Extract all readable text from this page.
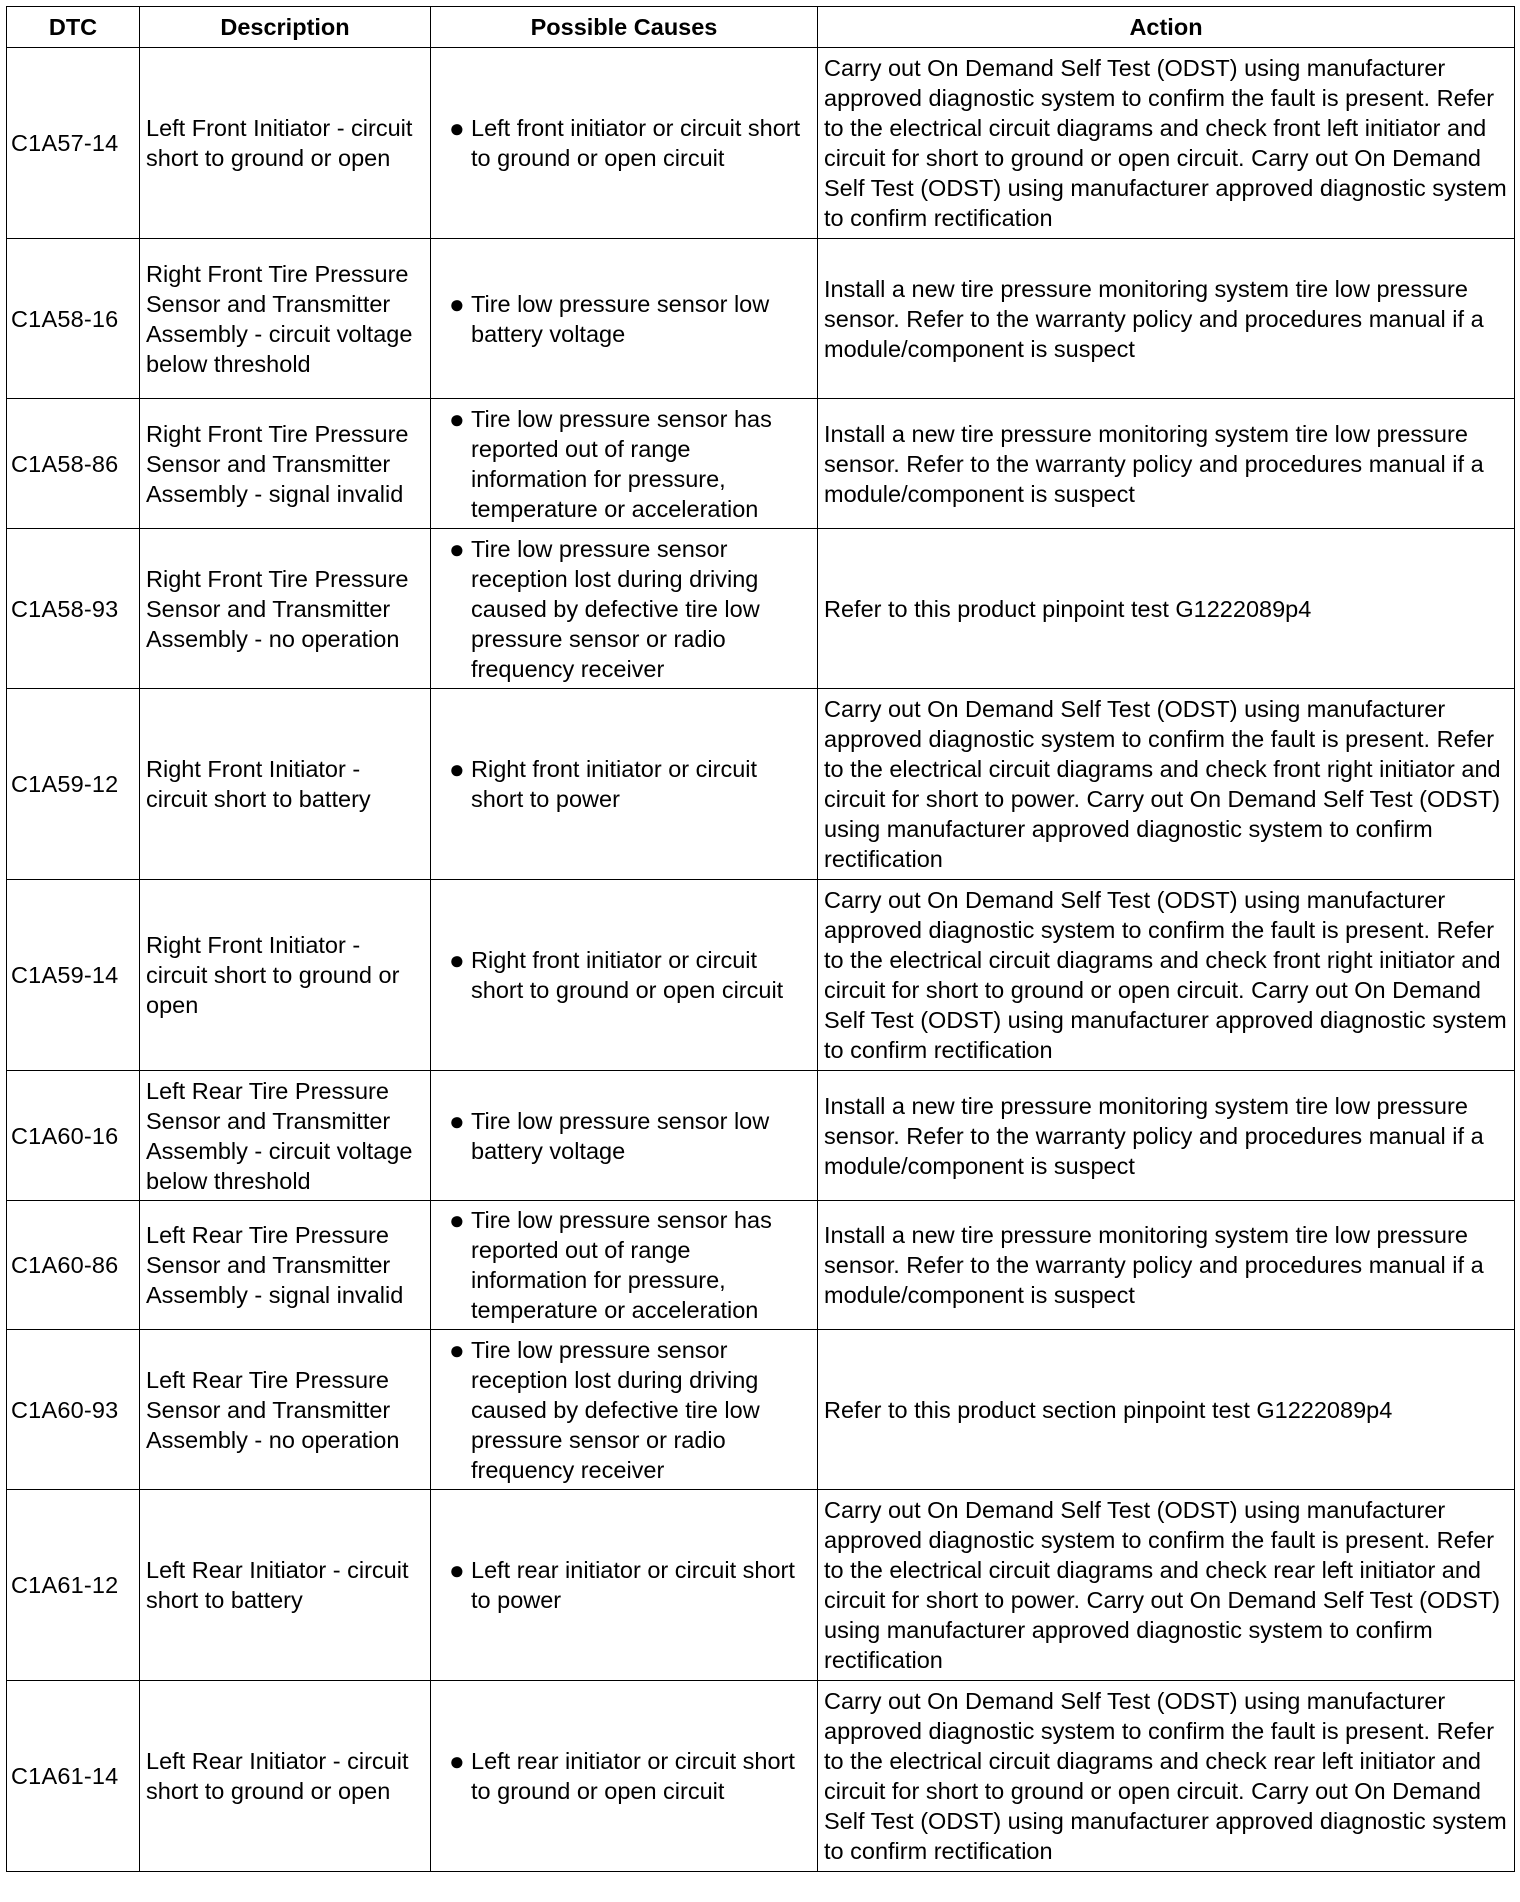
DTC	Description	Possible Causes	Action
C1A57-14	Left Front Initiator - circuit short to ground or open	● Left front initiator or circuit short to ground or open circuit	Carry out On Demand Self Test (ODST) using manufacturer approved diagnostic system to confirm the fault is present. Refer to the electrical circuit diagrams and check front left initiator and circuit for short to ground or open circuit. Carry out On Demand Self Test (ODST) using manufacturer approved diagnostic system to confirm rectification
C1A58-16	Right Front Tire Pressure Sensor and Transmitter Assembly - circuit voltage below threshold	● Tire low pressure sensor low battery voltage	Install a new tire pressure monitoring system tire low pressure sensor. Refer to the warranty policy and procedures manual if a module/component is suspect
C1A58-86	Right Front Tire Pressure Sensor and Transmitter Assembly - signal invalid	● Tire low pressure sensor has reported out of range information for pressure, temperature or acceleration	Install a new tire pressure monitoring system tire low pressure sensor. Refer to the warranty policy and procedures manual if a module/component is suspect
C1A58-93	Right Front Tire Pressure Sensor and Transmitter Assembly - no operation	● Tire low pressure sensor reception lost during driving caused by defective tire low pressure sensor or radio frequency receiver	Refer to this product pinpoint test G1222089p4
C1A59-12	Right Front Initiator - circuit short to battery	● Right front initiator or circuit short to power	Carry out On Demand Self Test (ODST) using manufacturer approved diagnostic system to confirm the fault is present. Refer to the electrical circuit diagrams and check front right initiator and circuit for short to power. Carry out On Demand Self Test (ODST) using manufacturer approved diagnostic system to confirm rectification
C1A59-14	Right Front Initiator - circuit short to ground or open	● Right front initiator or circuit short to ground or open circuit	Carry out On Demand Self Test (ODST) using manufacturer approved diagnostic system to confirm the fault is present. Refer to the electrical circuit diagrams and check front right initiator and circuit for short to ground or open circuit. Carry out On Demand Self Test (ODST) using manufacturer approved diagnostic system to confirm rectification
C1A60-16	Left Rear Tire Pressure Sensor and Transmitter Assembly - circuit voltage below threshold	● Tire low pressure sensor low battery voltage	Install a new tire pressure monitoring system tire low pressure sensor. Refer to the warranty policy and procedures manual if a module/component is suspect
C1A60-86	Left Rear Tire Pressure Sensor and Transmitter Assembly - signal invalid	● Tire low pressure sensor has reported out of range information for pressure, temperature or acceleration	Install a new tire pressure monitoring system tire low pressure sensor. Refer to the warranty policy and procedures manual if a module/component is suspect
C1A60-93	Left Rear Tire Pressure Sensor and Transmitter Assembly - no operation	● Tire low pressure sensor reception lost during driving caused by defective tire low pressure sensor or radio frequency receiver	Refer to this product section pinpoint test G1222089p4
C1A61-12	Left Rear Initiator - circuit short to battery	● Left rear initiator or circuit short to power	Carry out On Demand Self Test (ODST) using manufacturer approved diagnostic system to confirm the fault is present. Refer to the electrical circuit diagrams and check rear left initiator and circuit for short to power. Carry out On Demand Self Test (ODST) using manufacturer approved diagnostic system to confirm rectification
C1A61-14	Left Rear Initiator - circuit short to ground or open	● Left rear initiator or circuit short to ground or open circuit	Carry out On Demand Self Test (ODST) using manufacturer approved diagnostic system to confirm the fault is present. Refer to the electrical circuit diagrams and check rear left initiator and circuit for short to ground or open circuit. Carry out On Demand Self Test (ODST) using manufacturer approved diagnostic system to confirm rectification
